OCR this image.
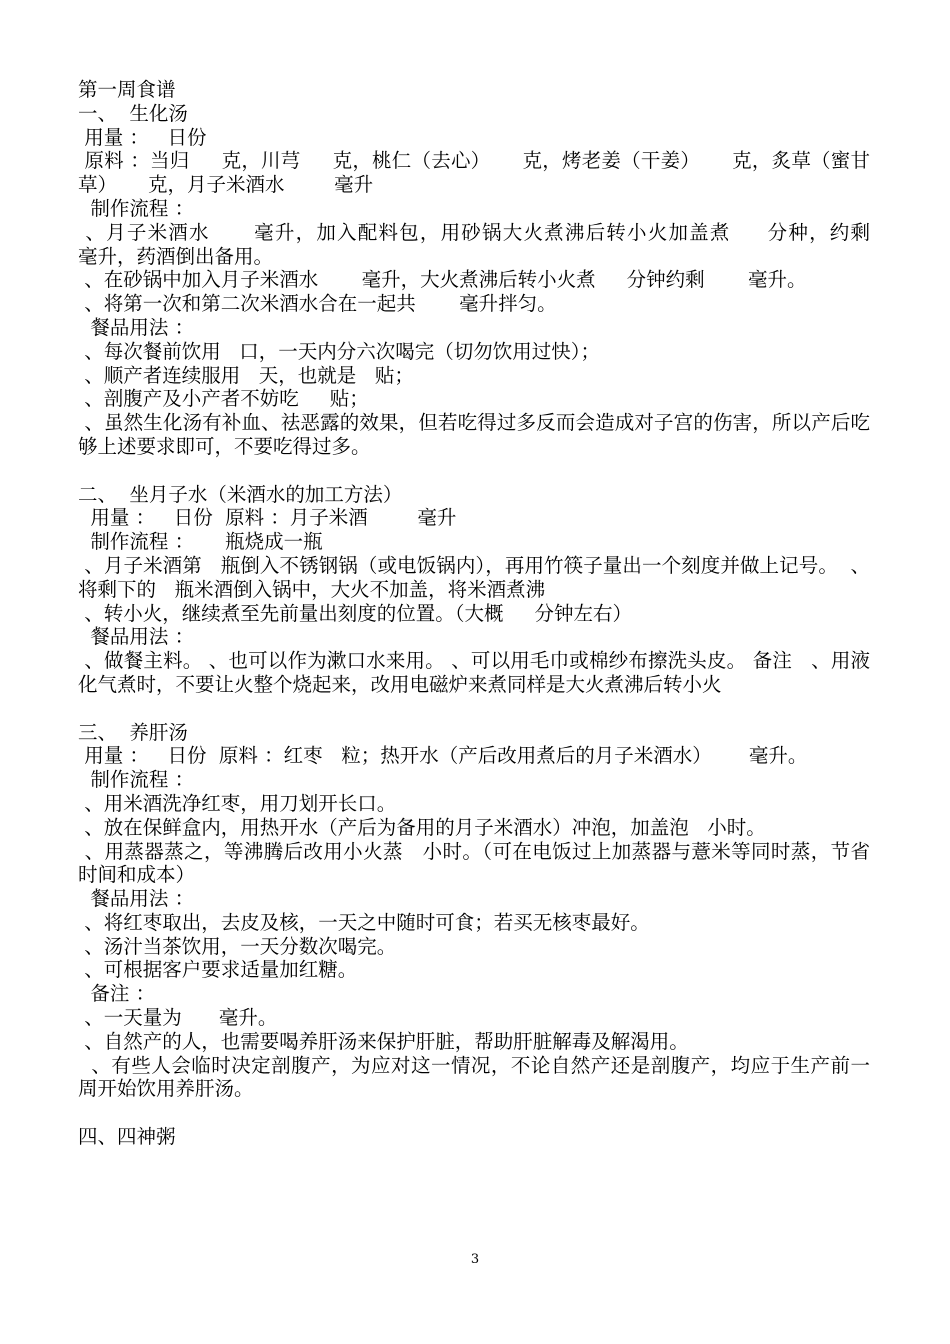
第一周食谱
一、  生化汤
用量 ：   日份
原料 ：当归     克，川芎     克，桃仁（去心）     克，烤老姜（干姜）     克，炙草（蜜甘草）     克，月子米酒水        毫升
制作流程 ：
、月子米酒水      毫升，加入配料包，用砂锅大火煮沸后转小火加盖煮     分种，约剩      毫升，药酒倒出备用。
、在砂锅中加入月子米酒水       毫升，大火煮沸后转小火煮     分钟约剩       毫升。
、将第一次和第二次米酒水合在一起共       毫升拌匀。
餐品用法 ：
、每次餐前饮用   口，一天内分六次喝完（切勿饮用过快）；
、顺产者连续服用   天，也就是   贴；
、剖腹产及小产者不妨吃     贴；
、虽然生化汤有补血、祛恶露的效果，但若吃得过多反而会造成对子宫的伤害，所以产后吃够上述要求即可，不要吃得过多。
二、  坐月子水（米酒水的加工方法）
用量 ：   日份  原料 ：月子米酒        毫升
制作流程 ：     瓶烧成一瓶
、月子米酒第   瓶倒入不锈钢锅（或电饭锅内），再用竹筷子量出一个刻度并做上记号。  、   将剩下的   瓶米酒倒入锅中，大火不加盖，将米酒煮沸
、转小火，继续煮至先前量出刻度的位置。（大概     分钟左右）
餐品用法 ：
、做餐主料。 、也可以作为漱口水来用。 、可以用毛巾或棉纱布擦洗头皮。 备注   、用液化气煮时，不要让火整个烧起来，改用电磁炉来煮同样是大火煮沸后转小火
三、  养肝汤
用量 ：   日份  原料 ：红枣   粒；热开水（产后改用煮后的月子米酒水）      毫升。
制作流程 ：
、用米酒洗净红枣，用刀划开长口。
、放在保鲜盒内，用热开水（产后为备用的月子米酒水）冲泡，加盖泡   小时。
、用蒸器蒸之，等沸腾后改用小火蒸   小时。（可在电饭过上加蒸器与薏米等同时蒸，节省时间和成本）
餐品用法 ：
、将红枣取出，去皮及核，一天之中随时可食；若买无核枣最好。
、汤汁当茶饮用，一天分数次喝完。
、可根据客户要求适量加红糖。
备注 ：
、一天量为      毫升。
、自然产的人，也需要喝养肝汤来保护肝脏，帮助肝脏解毒及解渴用。
、有些人会临时决定剖腹产，为应对这一情况，不论自然产还是剖腹产，均应于生产前一周开始饮用养肝汤。
四、四神粥
3
